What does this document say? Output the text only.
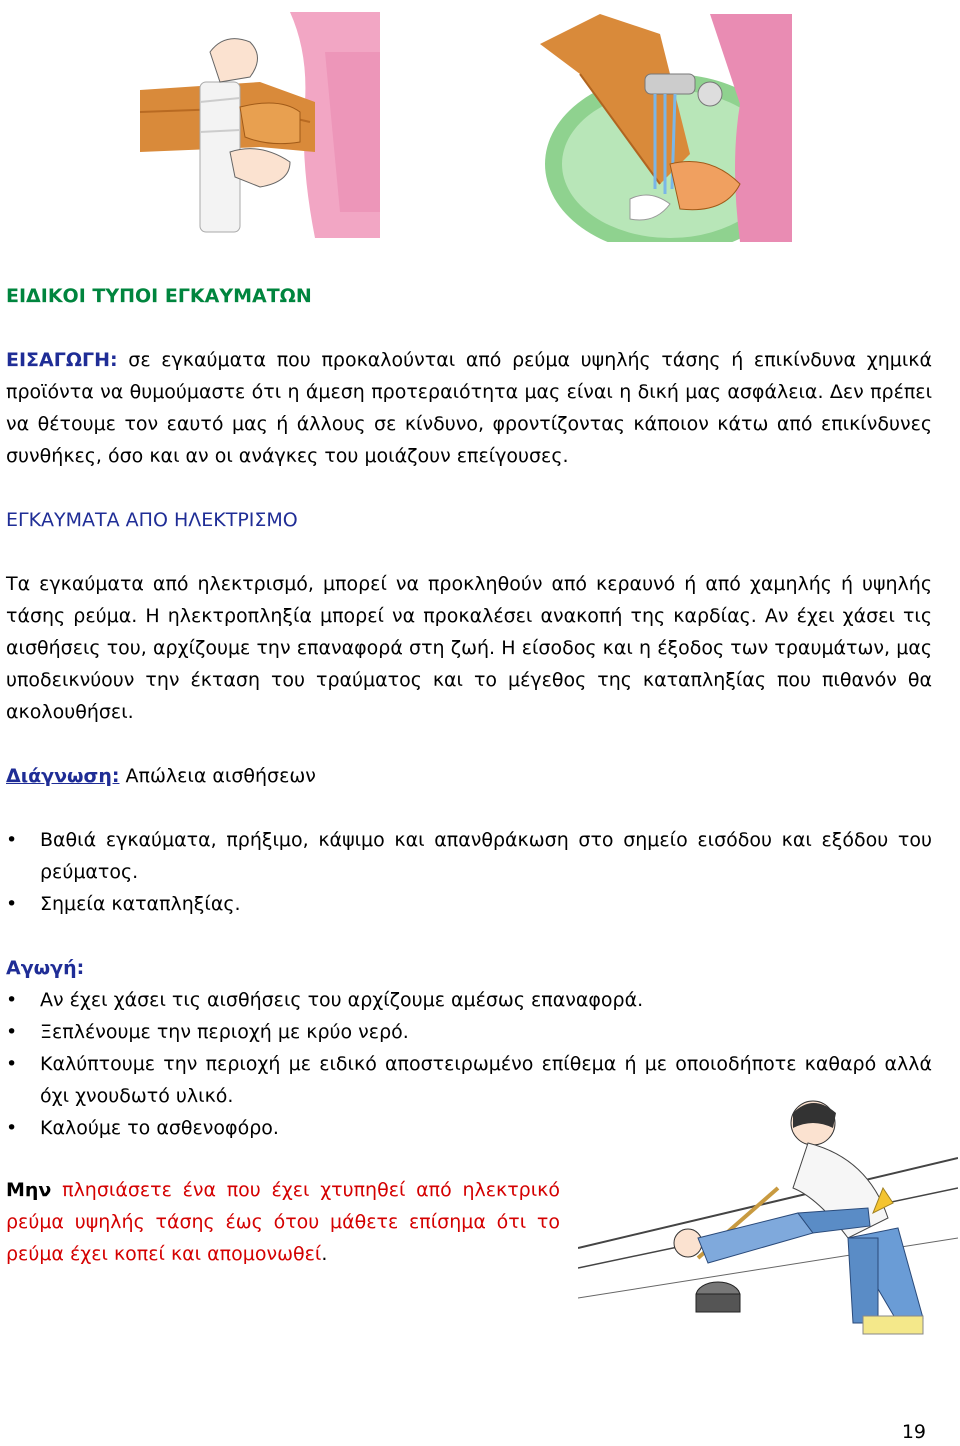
ΕΙΔΙΚΟΙ ΤΥΠΟΙ ΕΓΚΑΥΜΑΤΩΝ
ΕΙΣΑΓΩΓΗ: σε εγκαύματα που προκαλούνται από ρεύμα υψηλής τάσης ή επικίνδυνα χημικά προϊόντα να θυμούμαστε ότι η άμεση προτεραιότητα μας είναι η δική μας ασφάλεια. Δεν πρέπει να θέτουμε τον εαυτό μας ή άλλους σε κίνδυνο, φροντίζοντας κάποιον κάτω από επικίνδυνες συνθήκες, όσο και αν οι ανάγκες του μοιάζουν επείγουσες.
ΕΓΚΑΥΜΑΤΑ ΑΠΟ ΗΛΕΚΤΡΙΣΜΟ
Τα εγκαύματα από ηλεκτρισμό, μπορεί να προκληθούν από κεραυνό ή από χαμηλής ή υψηλής τάσης ρεύμα. Η ηλεκτροπληξία μπορεί να προκαλέσει ανακοπή της καρδίας. Αν έχει χάσει τις αισθήσεις του, αρχίζουμε την επαναφορά στη ζωή. Η είσοδος και η έξοδος των τραυμάτων, μας υποδεικνύουν την έκταση του τραύματος και το μέγεθος της καταπληξίας που πιθανόν θα ακολουθήσει.
Διάγνωση: Απώλεια αισθήσεων
•	Βαθιά εγκαύματα, πρήξιμο, κάψιμο και απανθράκωση στο σημείο εισόδου και εξόδου του ρεύματος.
•	Σημεία καταπληξίας.
Αγωγή:
•	Αν έχει χάσει τις αισθήσεις του αρχίζουμε αμέσως επαναφορά.
•	Ξεπλένουμε την περιοχή με κρύο νερό.
•	Καλύπτουμε την περιοχή με ειδικό αποστειρωμένο επίθεμα ή με οποιοδήποτε καθαρό αλλά όχι χνουδωτό υλικό.
•	Καλούμε το ασθενοφόρο.
Μην πλησιάσετε ένα που έχει χτυπηθεί από ηλεκτρικό ρεύμα υψηλής τάσης έως ότου μάθετε επίσημα ότι το ρεύμα έχει κοπεί και απομονωθεί.
19
